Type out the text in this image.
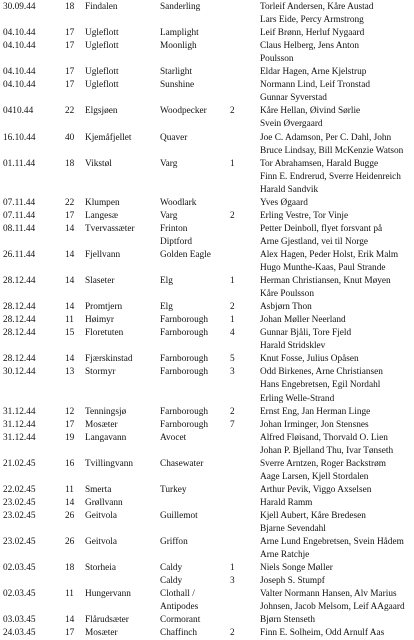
30.09.44	18 Findalen	Sanderling	Torleif Andersen, Kåre Austad
Lars Eide, Percy Armstrong
04.10.44	17 Ugleflott	Lamplight	Leif Brønn, Herluf Nygaard
04.10.44	17 Ugleflott	Moonligh	Claus Helberg, Jens Anton
Poulsson
04.10.44	17 Ugleflott	Starlight	Eldar Hagen, Arne Kjelstrup
04.10.44	17 Ugleflott	Sunshine	Normann Lind, Leif Tronstad
Gunnar Syverstad
0410.44	22 Elgsjøen	Woodpecker	2	Kåre Hellan, Øivind Sørlie
Svein Øvergaard
16.10.44	40 Kjemåfjellet	Quaver	Joe C. Adamson, Per C. Dahl, John
Bruce Lindsay, Bill McKenzie Watson
01.11.44	18 Vikstøl	Varg	1	Tor Abrahamsen, Harald Bugge
Finn E. Endrerud, Sverre Heidenreich
Harald Sandvik
07.11.44	22 Klumpen	Woodlark	Yves Øgaard
07.11.44	17 Langesæ	Varg	2	Erling Vestre, Tor Vinje
08.11.44	14 Tvervassæter	Frinton	Petter Deinboll, flyet forsvant på
Diptford	Arne Gjestland, vei til Norge
26.11.44	14 Fjellvann	Golden Eagle	Alex Hagen, Peder Holst, Erik Malm
Hugo Munthe-Kaas, Paul Strande
28.12.44	14 Slaseter	Elg	1	Herman Christiansen, Knut Møyen
Kåre Poulsson
28.12.44	14 Promtjern	Elg	2	Asbjørn Thon
28.12.44	11 Høimyr	Farnborough 1	Johan Møller Neerland
28.12.44	15 Floretuten	Farnborough 4	Gunnar Bjåli, Tore Fjeld
Harald Stridsklev
28.12.44	14 Fjærskinstad	Farnborough 5	Knut Fosse, Julius Opåsen
30.12.44	13 Stormyr	Farnborough 3	Odd Birkenes, Arne Christiansen
Hans Engebretsen, Egil Nordahl
Erling Welle-Strand
31.12.44	12 Tenningsjø	Farnborough 2	Ernst Eng, Jan Herman Linge
31.12.44	17 Mosæter	Farnborough 7	Johan Irminger, Jon Stensnes
31.12.44	19 Langavann	Avocet	Alfred Fløisand, Thorvald O. Lien
Johan P. Bjelland Thu, Ivar Tønseth
21.02.45	16 Tvillingvann	Chasewater	Sverre Arntzen, Roger Backstrøm
Aage Larsen, Kjell Stordalen
22.02.45	11 Smerta	Turkey	Arthur Pevik, Viggo Axselsen
23.02.45	14 Grøllvann	Harald Ramm
23.02.45	26 Geitvola	Guillemot	Kjell Aubert, Kåre Bredesen
Bjarne Sevendahl
23.02.45	26 Geitvola	Griffon	Arne Lund Engebretsen, Svein Hådem
Arne Ratchje
02.03.45	18 Storheia	Caldy	1	Niels Songe Møller
Caldy	3	Joseph S. Stumpf
02.03.45	11 Hungervann	Clothall /	Valter Normann Hansen, Alv Marius
Antipodes	Johnsen, Jacob Melsom, Leif AAgaard
03.03.45	14 Flårudsæter	Cormorant	Bjørn Stenseth
24.03.45	17 Mosæter	Chaffinch	2	Finn E. Solheim, Odd Arnulf Aas
